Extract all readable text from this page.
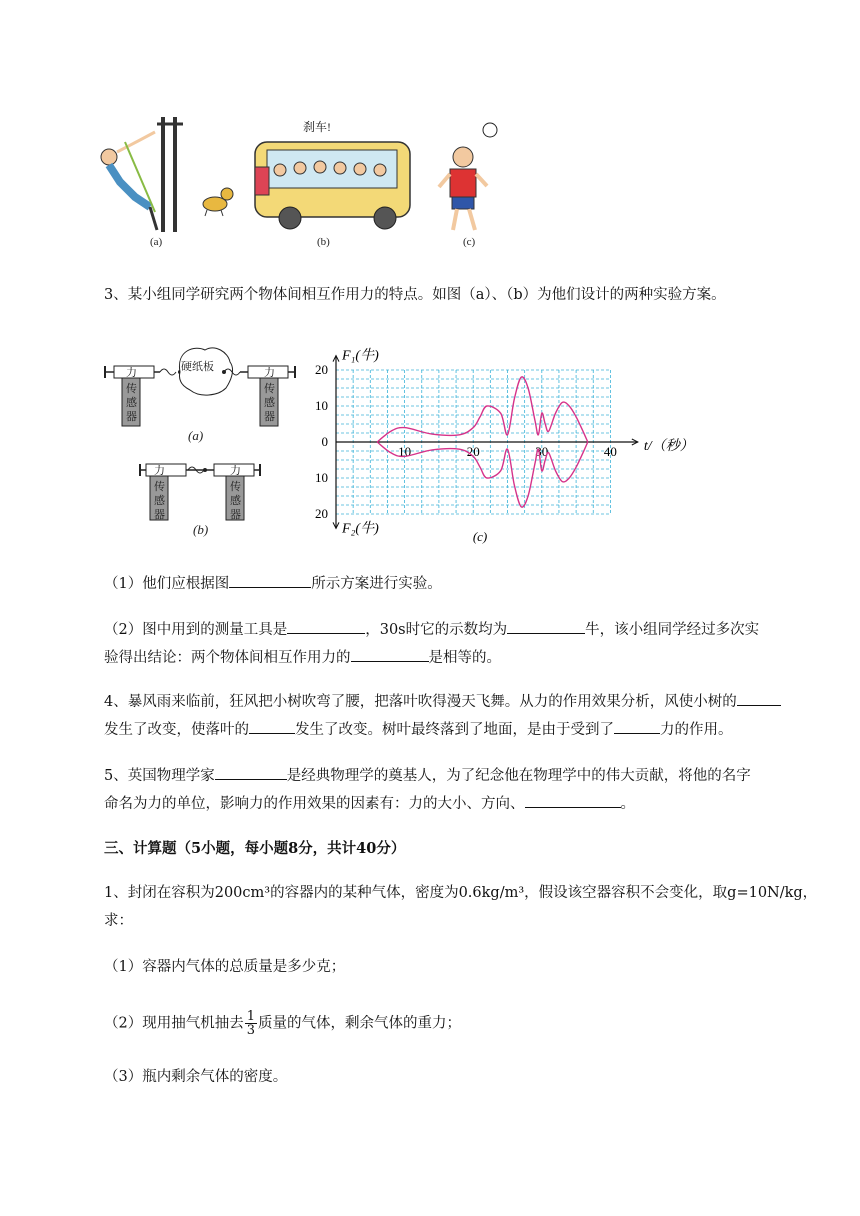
刹车!
(a)	(b)	(c)
3、某小组同学研究两个物体间相互作用力的特点。如图（a）、（b）为他们设计的两种实验方案。
硬纸板
力
传
感
器
力
传
感
器
(a)
力
传
感
器
力
传
感
器
(b)
10	20	30	40
20
10
0
10
20
F₁(牛)
F₂(牛)
t/（秒）
(c)
（1）他们应根据图	所示方案进行实验。
（2）图中用到的测量工具是	，30s时它的示数均为	牛，该小组同学经过多次实
验得出结论：两个物体间相互作用力的	是相等的。
4、暴风雨来临前，狂风把小树吹弯了腰，把落叶吹得漫天飞舞。从力的作用效果分析，风使小树的
发生了改变，使落叶的	发生了改变。树叶最终落到了地面，是由于受到了	力的作用。
5、英国物理学家	是经典物理学的奠基人，为了纪念他在物理学中的伟大贡献，将他的名字
命名为力的单位，影响力的作用效果的因素有：力的大小、方向、	。
三、计算题（5小题，每小题8分，共计40分）
1、封闭在容积为200cm³的容器内的某种气体，密度为0.6kg/m³，假设该空器容积不会变化，取g=10N/kg，
求：
（1）容器内气体的总质量是多少克；
（2）现用抽气机抽去 $\frac{1}{3}$ 质量的气体，剩余气体的重力；
（3）瓶内剩余气体的密度。
